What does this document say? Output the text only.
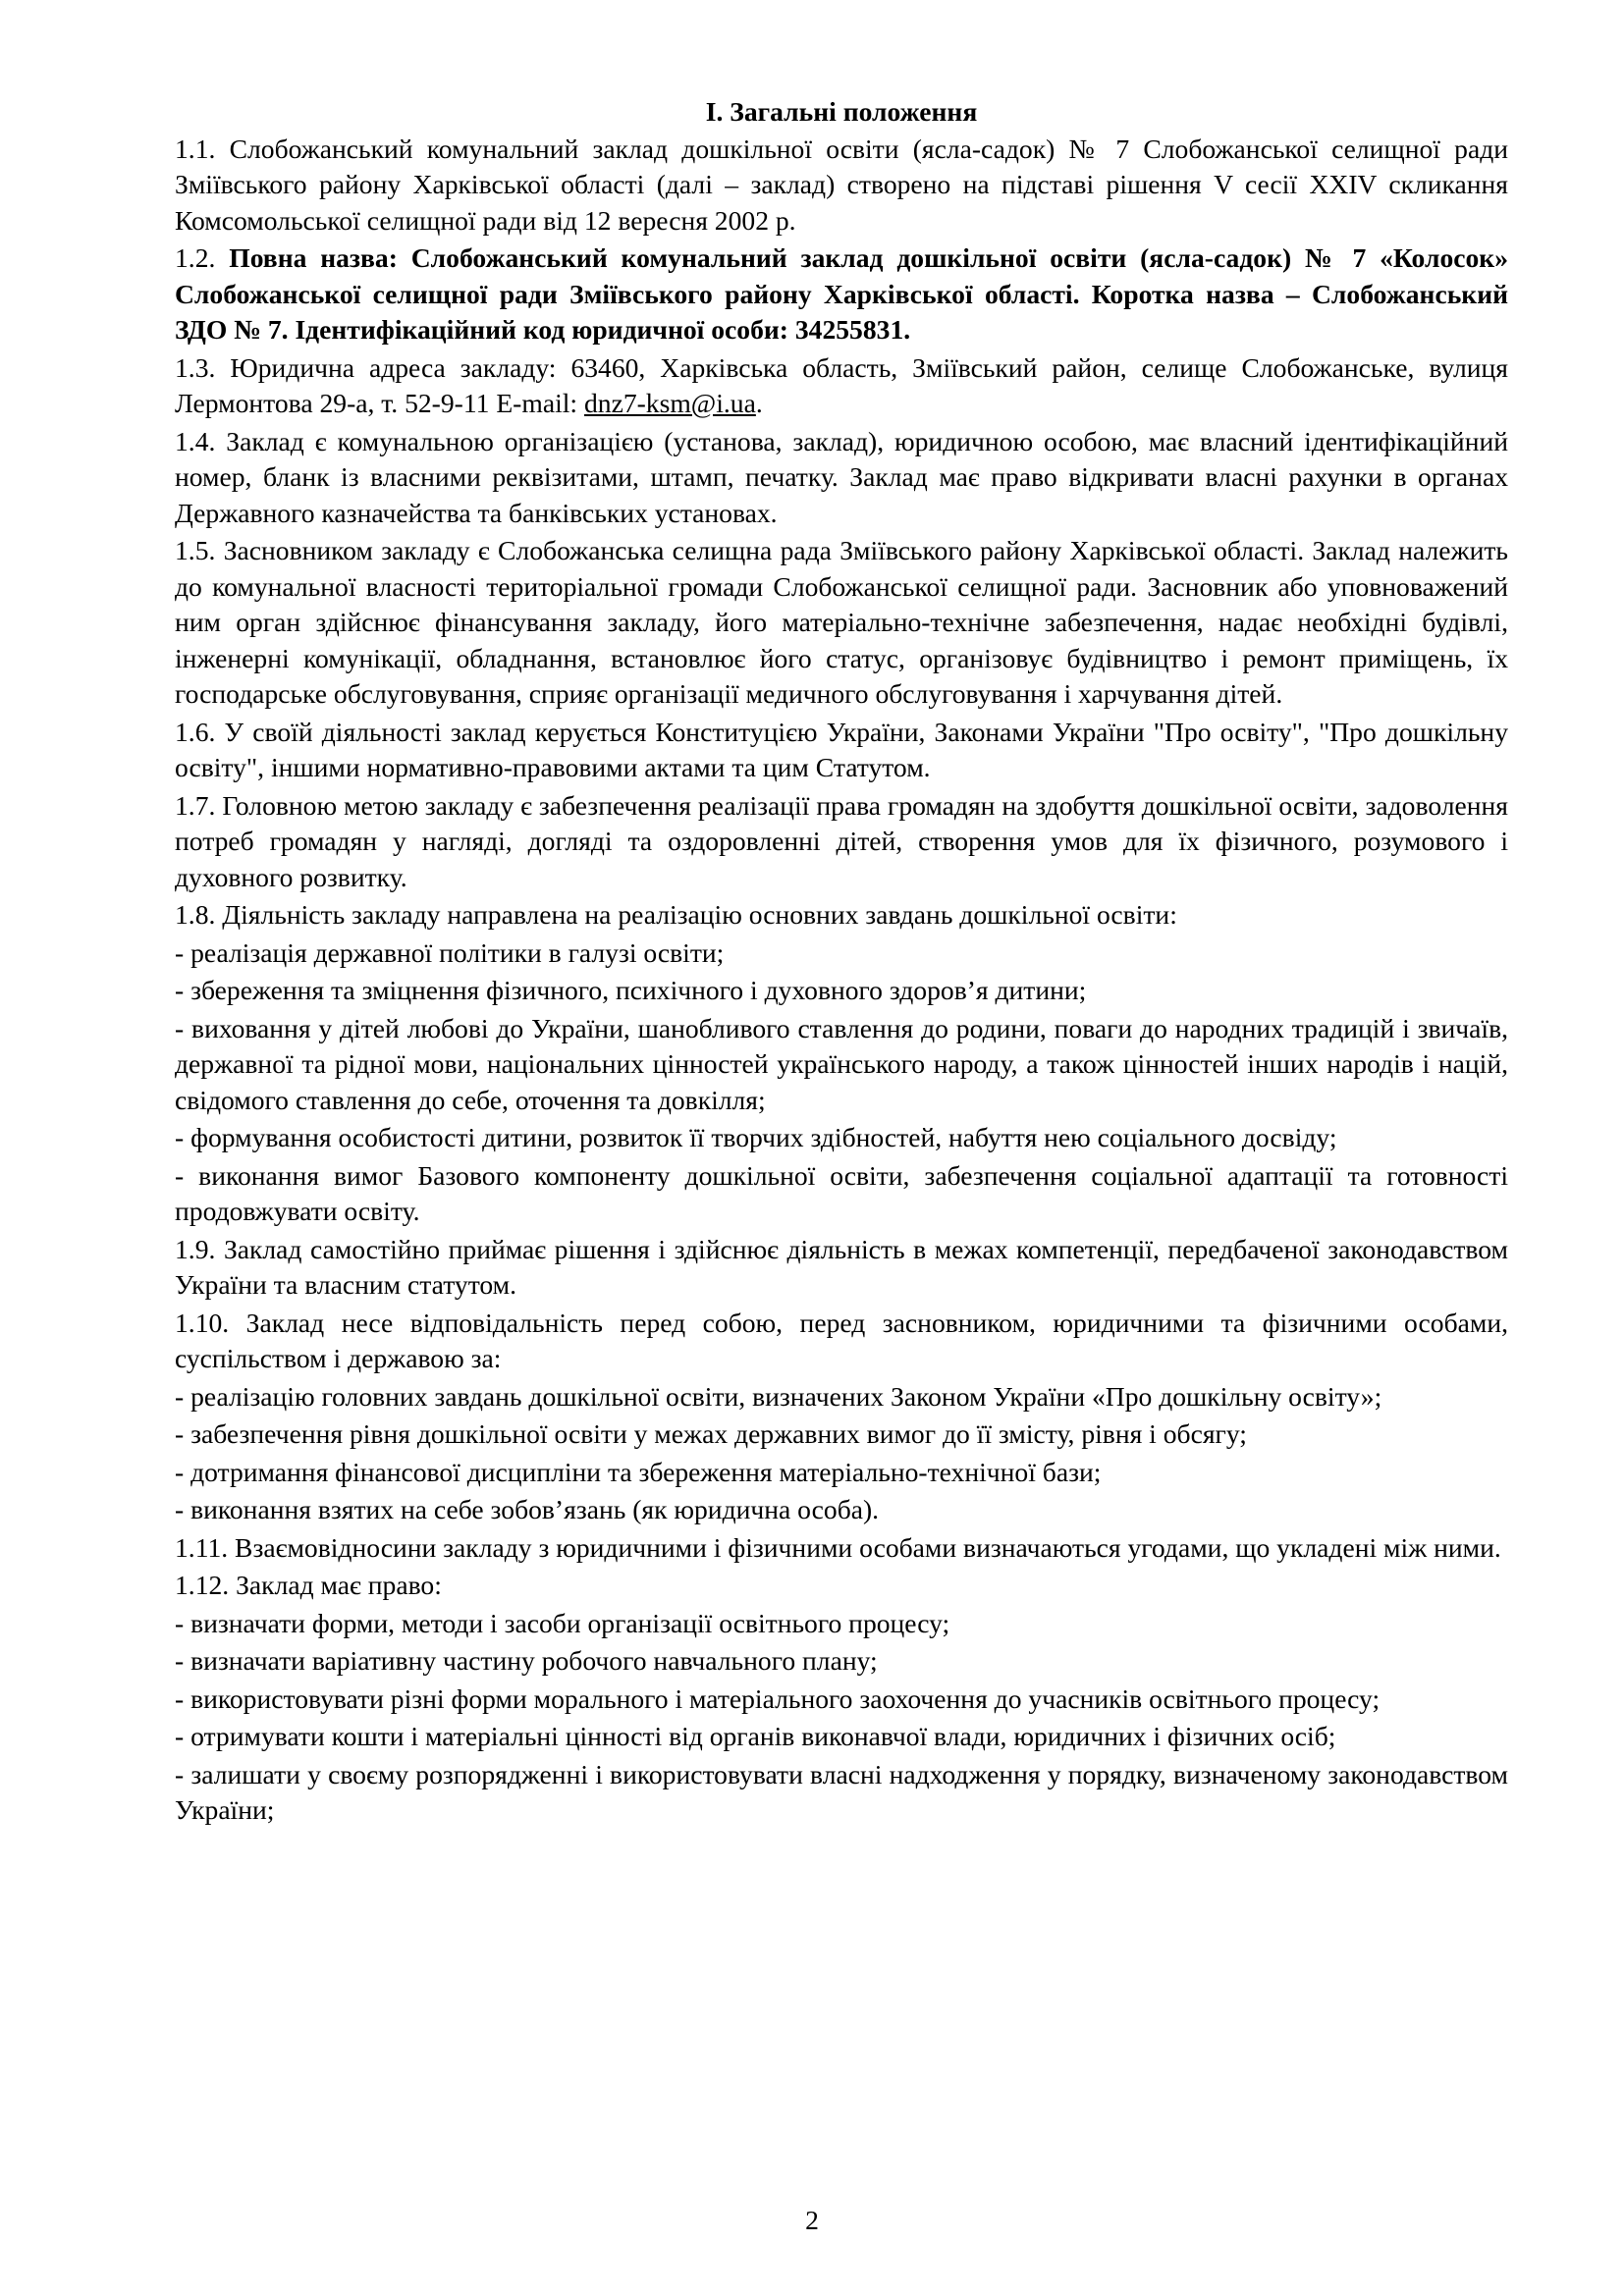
І. Загальні положення
1.1. Слобожанський комунальний заклад дошкільної освіти (ясла-садок) № 7 Слобожанської селищної ради Зміївського району Харківської області (далі – заклад) створено на підставі рішення V сесії XXIV скликання Комсомольської селищної ради від 12 вересня 2002 р.
1.2. Повна назва: Слобожанський комунальний заклад дошкільної освіти (ясла-садок) № 7 «Колосок» Слобожанської селищної ради Зміївського району Харківської області. Коротка назва – Слобожанський ЗДО № 7. Ідентифікаційний код юридичної особи: 34255831.
1.3. Юридична адреса закладу: 63460, Харківська область, Зміївський район, селище Слобожанське, вулиця Лермонтова 29-а, т. 52-9-11 E-mail: dnz7-ksm@i.ua.
1.4. Заклад є комунальною організацією (установа, заклад), юридичною особою, має власний ідентифікаційний номер, бланк із власними реквізитами, штамп, печатку. Заклад має право відкривати власні рахунки в органах Державного казначейства та банківських установах.
1.5. Засновником закладу є Слобожанська селищна рада Зміївського району Харківської області. Заклад належить до комунальної власності територіальної громади Слобожанської селищної ради. Засновник або уповноважений ним орган здійснює фінансування закладу, його матеріально-технічне забезпечення, надає необхідні будівлі, інженерні комунікації, обладнання, встановлює його статус, організовує будівництво і ремонт приміщень, їх господарське обслуговування, сприяє організації медичного обслуговування і харчування дітей.
1.6. У своїй діяльності заклад керується Конституцією України, Законами України "Про освіту", "Про дошкільну освіту", іншими нормативно-правовими актами та цим Статутом.
1.7. Головною метою закладу є забезпечення реалізації права громадян на здобуття дошкільної освіти, задоволення потреб громадян у нагляді, догляді та оздоровленні дітей, створення умов для їх фізичного, розумового і духовного розвитку.
1.8. Діяльність закладу направлена на реалізацію основних завдань дошкільної освіти:
- реалізація державної політики в галузі освіти;
- збереження та зміцнення фізичного, психічного і духовного здоров’я дитини;
- виховання у дітей любові до України, шанобливого ставлення до родини, поваги до народних традицій і звичаїв, державної та рідної мови, національних цінностей українського народу, а також цінностей інших народів і націй, свідомого ставлення до себе, оточення та довкілля;
- формування особистості дитини, розвиток її творчих здібностей, набуття нею соціального досвіду;
- виконання вимог Базового компоненту дошкільної освіти, забезпечення соціальної адаптації та готовності продовжувати освіту.
1.9. Заклад самостійно приймає рішення і здійснює діяльність в межах компетенції, передбаченої законодавством України та власним статутом.
1.10. Заклад несе відповідальність перед собою, перед засновником, юридичними та фізичними особами, суспільством і державою за:
- реалізацію головних завдань дошкільної освіти, визначених Законом України «Про дошкільну освіту»;
- забезпечення рівня дошкільної освіти у межах державних вимог до її змісту, рівня і обсягу;
- дотримання фінансової дисципліни та збереження матеріально-технічної бази;
- виконання взятих на себе зобов’язань (як юридична особа).
1.11. Взаємовідносини закладу з юридичними і фізичними особами визначаються угодами, що укладені між ними.
1.12. Заклад має право:
- визначати форми, методи і засоби організації освітнього процесу;
- визначати варіативну частину робочого навчального плану;
- використовувати різні форми морального і матеріального заохочення до учасників освітнього процесу;
- отримувати кошти і матеріальні цінності від органів виконавчої влади, юридичних і фізичних осіб;
- залишати у своєму розпорядженні і використовувати власні надходження у порядку, визначеному законодавством України;
2
